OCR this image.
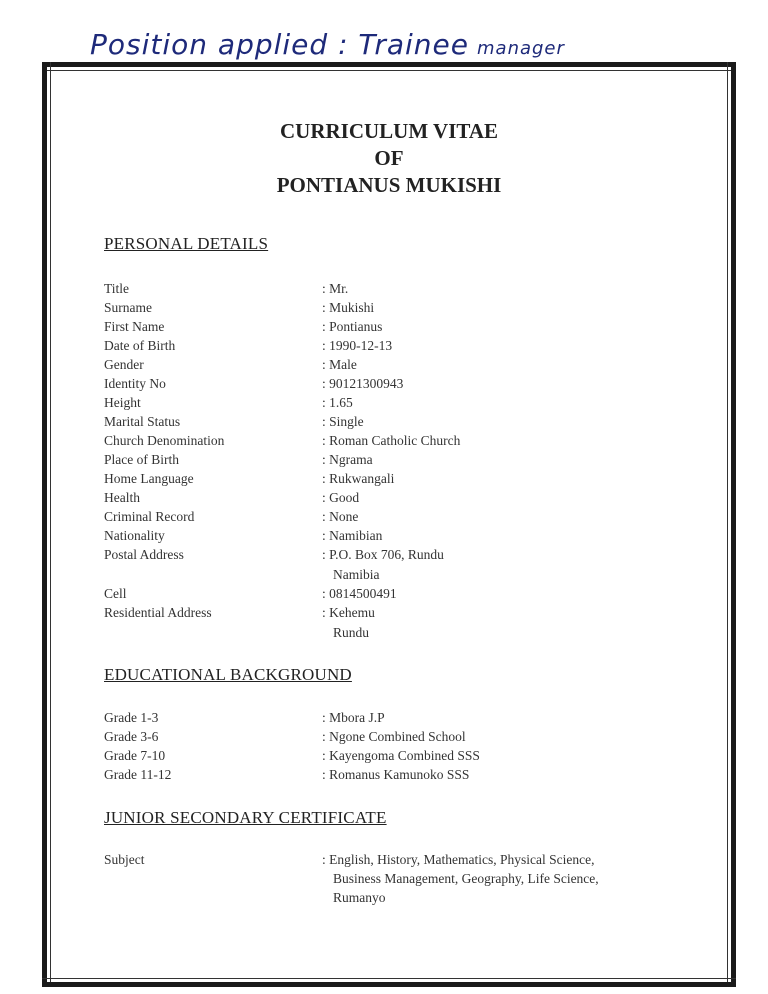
Position applied : Trainee manager
CURRICULUM VITAE
OF
PONTIANUS MUKISHI
PERSONAL DETAILS
Title	: Mr.
Surname	: Mukishi
First Name	: Pontianus
Date of Birth	: 1990-12-13
Gender	: Male
Identity No	: 90121300943
Height	: 1.65
Marital Status	: Single
Church Denomination	: Roman Catholic Church
Place of Birth	: Ngrama
Home Language	: Rukwangali
Health	: Good
Criminal Record	: None
Nationality	: Namibian
Postal Address	: P.O. Box 706, Rundu
Namibia
Cell	: 0814500491
Residential Address	: Kehemu
Rundu
EDUCATIONAL BACKGROUND
Grade 1-3	: Mbora J.P
Grade 3-6	: Ngone Combined School
Grade 7-10	: Kayengoma Combined SSS
Grade 11-12	: Romanus Kamunoko SSS
JUNIOR SECONDARY CERTIFICATE
Subject	: English, History, Mathematics, Physical Science,
Business Management, Geography, Life Science,
Rumanyo
